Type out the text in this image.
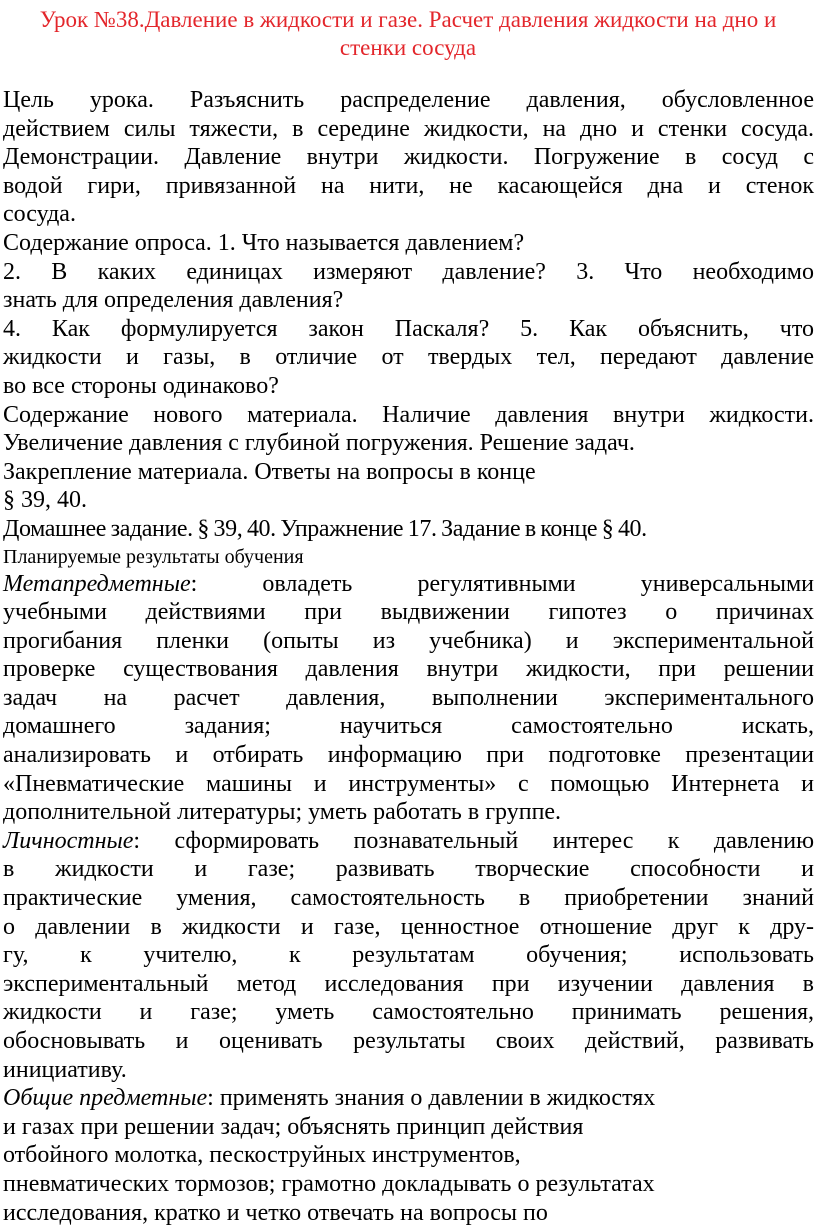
Урок №38.Давление в жидкости и газе. Расчет давления жидкости на дно и
стенки сосуда
Цель урока. Разъяснить распределение давления, обусловленное
действием силы тяжести, в середине жидкости, на дно и стенки сосуда.
Демонстрации. Давление внутри жидкости. Погружение в сосуд с
водой гири, привязанной на нити, не касающейся дна и стенок
сосуда.
Содержание опроса. 1. Что называется давлением?
2. В каких единицах измеряют давление? 3. Что необходимо
знать для определения давления?
4. Как формулируется закон Паскаля? 5. Как объяснить, что
жидкости и газы, в отличие от твердых тел, передают давление
во все стороны одинаково?
Содержание нового материала. Наличие давления внутри жидкости.
Увеличение давления с глубиной погружения. Решение задач.
Закрепление материала. Ответы на вопросы в конце
§ 39, 40.
Домашнее задание. § 39, 40. Упражнение 17. Задание в конце § 40.
Планируемые результаты обучения
Метапредметные: овладеть регулятивными универсальными
учебными действиями при выдвижении гипотез о причинах
прогибания пленки (опыты из учебника) и экспериментальной
проверке существования давления внутри жидкости, при решении
задач на расчет давления, выполнении экспериментального
домашнего задания; научиться самостоятельно искать,
анализировать и отбирать информацию при подготовке презентации
«Пневматические машины и инструменты» с помощью Интернета и
дополнительной литературы; уметь работать в группе.
Личностные: сформировать познавательный интерес к давлению
в жидкости и газе; развивать творческие способности и
практические умения, самостоятельность в приобретении знаний
о давлении в жидкости и газе, ценностное отношение друг к дру-
гу, к учителю, к результатам обучения; использовать
экспериментальный метод исследования при изучении давления в
жидкости и газе; уметь самостоятельно принимать решения,
обосновывать и оценивать результаты своих действий, развивать
инициативу.
Общие предметные: применять знания о давлении в жидкостях
и газах при решении задач; объяснять принцип действия
отбойного молотка, пескоструйных инструментов,
пневматических тормозов; грамотно докладывать о результатах
исследования, кратко и четко отвечать на вопросы по
